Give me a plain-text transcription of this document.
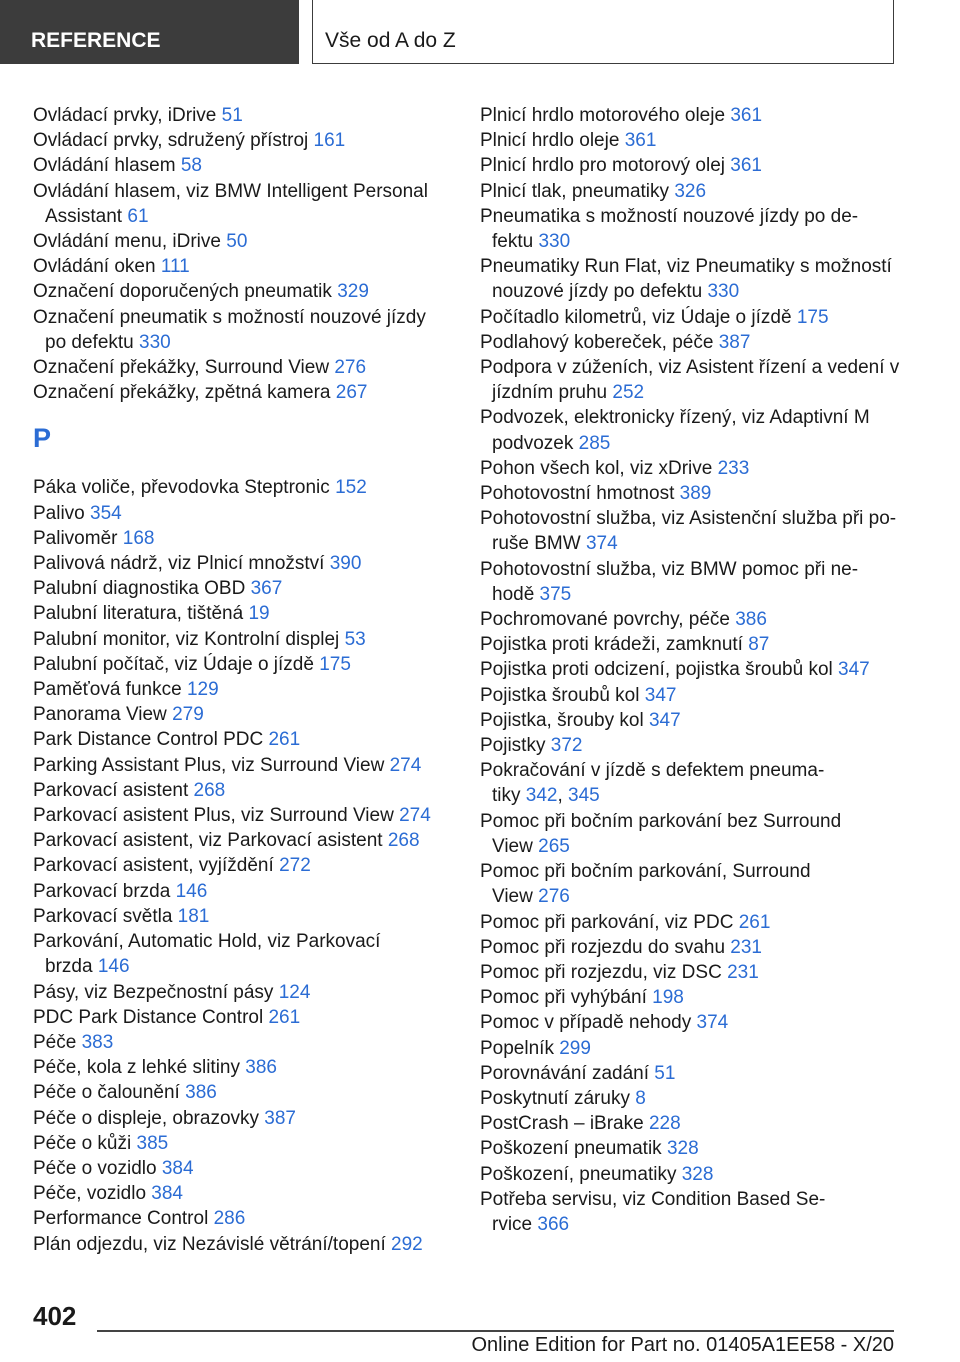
REFERENCE	Vše od A do Z
Ovládací prvky, iDrive 51
Ovládací prvky, sdružený přístroj 161
Ovládání hlasem 58
Ovládání hlasem, viz BMW Intelligent Personal
Assistant 61
Ovládání menu, iDrive 50
Ovládání oken 111
Označení doporučených pneumatik 329
Označení pneumatik s možností nouzové jízdy
po defektu 330
Označení překážky, Surround View 276
Označení překážky, zpětná kamera 267
P
Páka voliče, převodovka Steptronic 152
Palivo 354
Palivoměr 168
Palivová nádrž, viz Plnicí množství 390
Palubní diagnostika OBD 367
Palubní literatura, tištěná 19
Palubní monitor, viz Kontrolní displej 53
Palubní počítač, viz Údaje o jízdě 175
Paměťová funkce 129
Panorama View 279
Park Distance Control PDC 261
Parking Assistant Plus, viz Surround View 274
Parkovací asistent 268
Parkovací asistent Plus, viz Surround View 274
Parkovací asistent, viz Parkovací asistent 268
Parkovací asistent, vyjíždění 272
Parkovací brzda 146
Parkovací světla 181
Parkování, Automatic Hold, viz Parkovací
brzda 146
Pásy, viz Bezpečnostní pásy 124
PDC Park Distance Control 261
Péče 383
Péče, kola z lehké slitiny 386
Péče o čalounění 386
Péče o displeje, obrazovky 387
Péče o kůži 385
Péče o vozidlo 384
Péče, vozidlo 384
Performance Control 286
Plán odjezdu, viz Nezávislé větrání/topení 292
Plnicí hrdlo motorového oleje 361
Plnicí hrdlo oleje 361
Plnicí hrdlo pro motorový olej 361
Plnicí tlak, pneumatiky 326
Pneumatika s možností nouzové jízdy po de-
fektu 330
Pneumatiky Run Flat, viz Pneumatiky s možností
nouzové jízdy po defektu 330
Počítadlo kilometrů, viz Údaje o jízdě 175
Podlahový kobereček, péče 387
Podpora v zúženích, viz Asistent řízení a vedení v
jízdním pruhu 252
Podvozek, elektronicky řízený, viz Adaptivní M
podvozek 285
Pohon všech kol, viz xDrive 233
Pohotovostní hmotnost 389
Pohotovostní služba, viz Asistenční služba při po-
ruše BMW 374
Pohotovostní služba, viz BMW pomoc při ne-
hodě 375
Pochromované povrchy, péče 386
Pojistka proti krádeži, zamknutí 87
Pojistka proti odcizení, pojistka šroubů kol 347
Pojistka šroubů kol 347
Pojistka, šrouby kol 347
Pojistky 372
Pokračování v jízdě s defektem pneuma-
tiky 342, 345
Pomoc při bočním parkování bez Surround
View 265
Pomoc při bočním parkování, Surround
View 276
Pomoc při parkování, viz PDC 261
Pomoc při rozjezdu do svahu 231
Pomoc při rozjezdu, viz DSC 231
Pomoc při vyhýbání 198
Pomoc v případě nehody 374
Popelník 299
Porovnávání zadání 51
Poskytnutí záruky 8
PostCrash – iBrake 228
Poškození pneumatik 328
Poškození, pneumatiky 328
Potřeba servisu, viz Condition Based Se-
rvice 366
402
Online Edition for Part no. 01405A1EE58 - X/20
